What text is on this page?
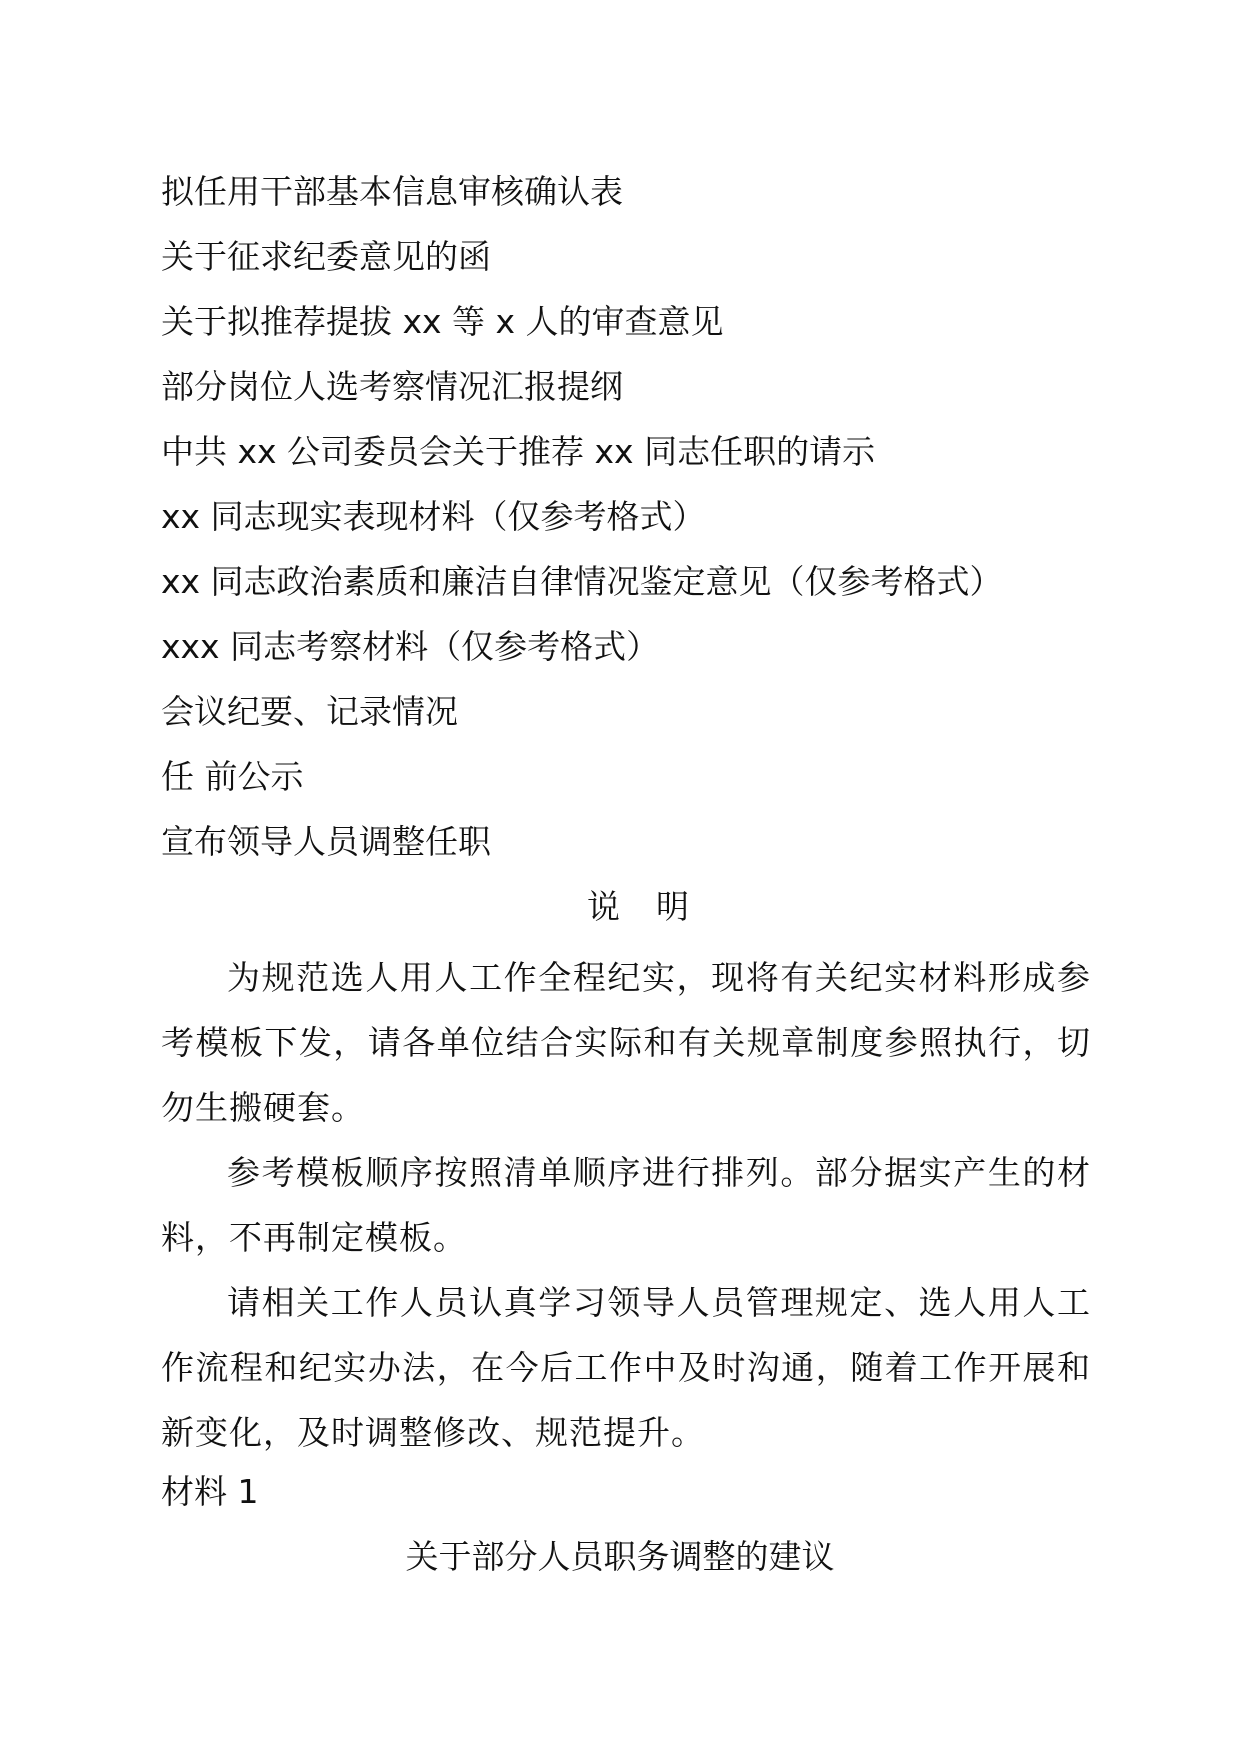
拟任用干部基本信息审核确认表
关于征求纪委意见的函
关于拟推荐提拔 xx 等 x 人的审查意见
部分岗位人选考察情况汇报提纲
中共 xx 公司委员会关于推荐 xx 同志任职的请示
xx 同志现实表现材料（仅参考格式）
xx 同志政治素质和廉洁自律情况鉴定意见（仅参考格式）
xxx 同志考察材料（仅参考格式）
会议纪要、记录情况
任 前公示
宣布领导人员调整任职
说明
为规范选人用人工作全程纪实，现将有关纪实材料形成参考模板下发，请各单位结合实际和有关规章制度参照执行，切勿生搬硬套。
参考模板顺序按照清单顺序进行排列。部分据实产生的材料，不再制定模板。
请相关工作人员认真学习领导人员管理规定、选人用人工作流程和纪实办法，在今后工作中及时沟通，随着工作开展和新变化，及时调整修改、规范提升。
材料 1
关于部分人员职务调整的建议
